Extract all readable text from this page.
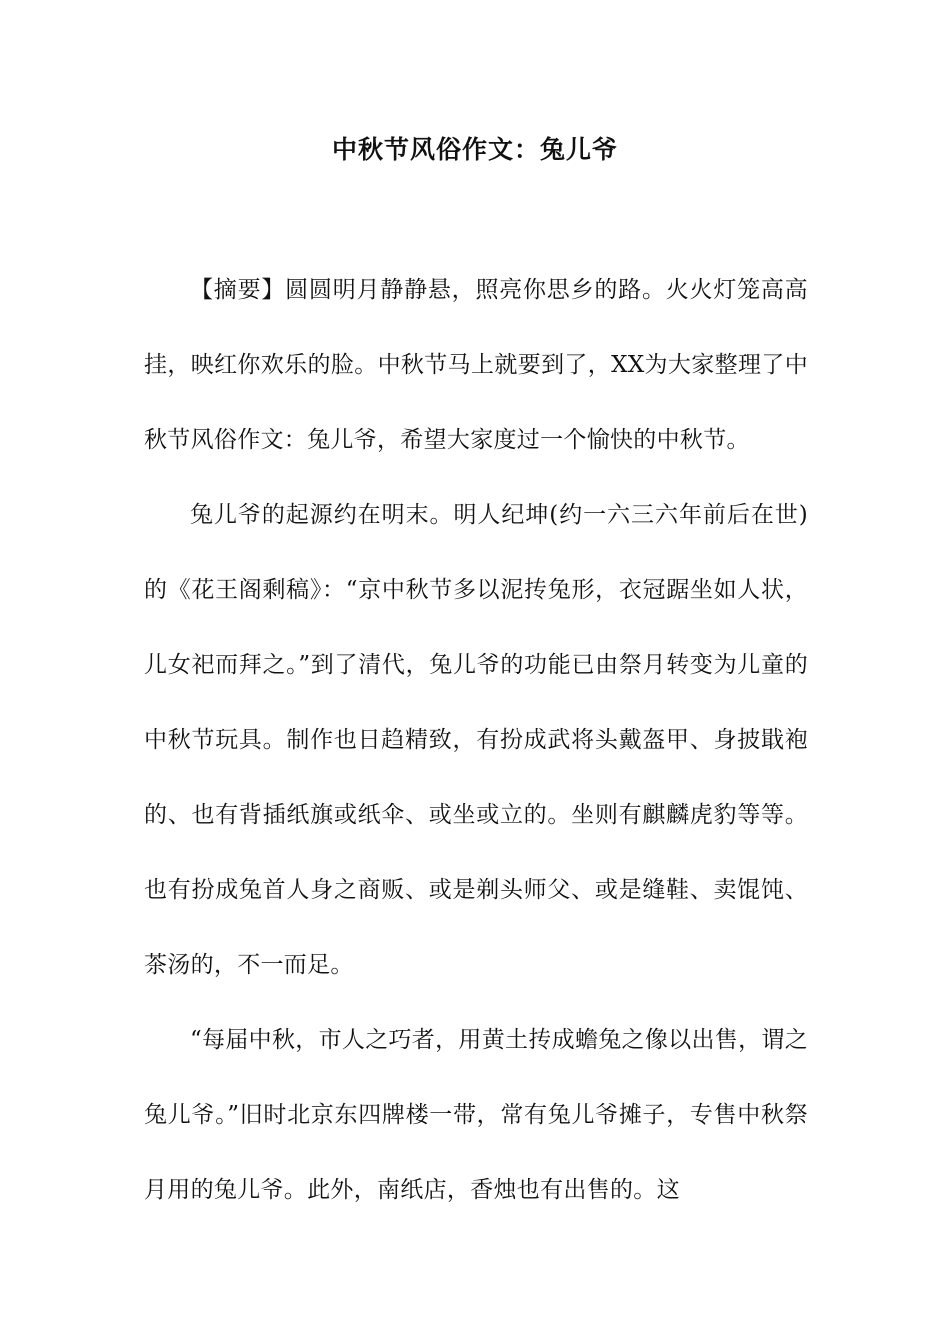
中秋节风俗作文：兔儿爷

【摘要】圆圆明月静静悬，照亮你思乡的路。火火灯笼高高挂，映红你欢乐的脸。中秋节马上就要到了，XX为大家整理了中秋节风俗作文：兔儿爷，希望大家度过一个愉快的中秋节。

兔儿爷的起源约在明末。明人纪坤(约一六三六年前后在世)的《花王阁剩稿》：“京中秋节多以泥抟兔形，衣冠踞坐如人状，儿女祀而拜之。”到了清代，兔儿爷的功能已由祭月转变为儿童的中秋节玩具。制作也日趋精致，有扮成武将头戴盔甲、身披戢袍的、也有背插纸旗或纸伞、或坐或立的。坐则有麒麟虎豹等等。也有扮成兔首人身之商贩、或是剃头师父、或是缝鞋、卖馄饨、茶汤的，不一而足。

“每届中秋，市人之巧者，用黄土抟成蟾兔之像以出售，谓之兔儿爷。”旧时北京东四牌楼一带，常有兔儿爷摊子，专售中秋祭月用的兔儿爷。此外，南纸店，香烛也有出售的。这
